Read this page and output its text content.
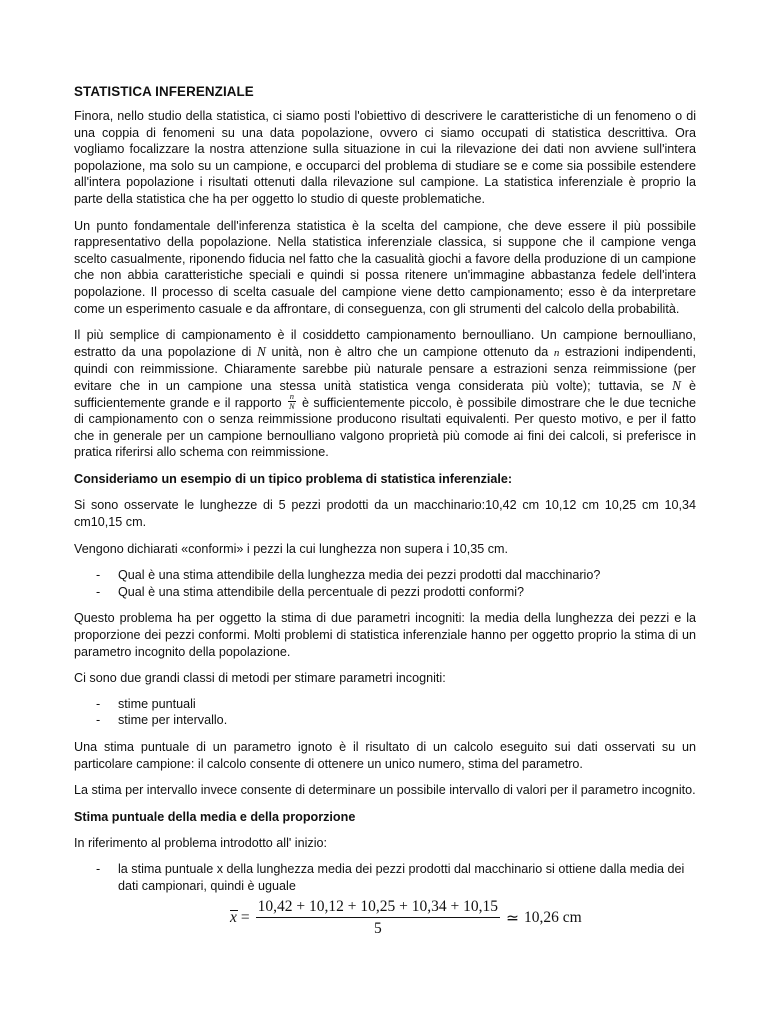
STATISTICA INFERENZIALE

Finora, nello studio della statistica, ci siamo posti l'obiettivo di descrivere le caratteristiche di un fenomeno o di una coppia di fenomeni su una data popolazione, ovvero ci siamo occupati di statistica descrittiva. Ora vogliamo focalizzare la nostra attenzione sulla situazione in cui la rilevazione dei dati non avviene sull'intera popolazione, ma solo su un campione, e occuparci del problema di studiare se e come sia possibile estendere all'intera popolazione i risultati ottenuti dalla rilevazione sul campione. La statistica inferenziale è proprio la parte della statistica che ha per oggetto lo studio di queste problematiche.

Un punto fondamentale dell'inferenza statistica è la scelta del campione, che deve essere il più possibile rappresentativo della popolazione. Nella statistica inferenziale classica, si suppone che il campione venga scelto casualmente, riponendo fiducia nel fatto che la casualità giochi a favore della produzione di un campione che non abbia caratteristiche speciali e quindi si possa ritenere un'immagine abbastanza fedele dell'intera popolazione. Il processo di scelta casuale del campione viene detto campionamento; esso è da interpretare come un esperimento casuale e da affrontare, di conseguenza, con gli strumenti del calcolo della probabilità.

Il più semplice di campionamento è il cosiddetto campionamento bernoulliano. Un campione bernoulliano, estratto da una popolazione di N unità, non è altro che un campione ottenuto da n estrazioni indipendenti, quindi con reimmissione. Chiaramente sarebbe più naturale pensare a estrazioni senza reimmissione (per evitare che in un campione una stessa unità statistica venga considerata più volte); tuttavia, se N è sufficientemente grande e il rapporto $\frac{n}{N}$ è sufficientemente piccolo, è possibile dimostrare che le due tecniche di campionamento con o senza reimmissione producono risultati equivalenti. Per questo motivo, e per il fatto che in generale per un campione bernoulliano valgono proprietà più comode ai fini dei calcoli, si preferisce in pratica riferirsi allo schema con reimmissione.

Consideriamo un esempio di un tipico problema di statistica inferenziale:

Si sono osservate le lunghezze di 5 pezzi prodotti da un macchinario:10,42 cm 10,12 cm 10,25 cm 10,34 cm10,15 cm.

Vengono dichiarati «conformi» i pezzi la cui lunghezza non supera i 10,35 cm.

- Qual è una stima attendibile della lunghezza media dei pezzi prodotti dal macchinario?
- Qual è una stima attendibile della percentuale di pezzi prodotti conformi?

Questo problema ha per oggetto la stima di due parametri incogniti: la media della lunghezza dei pezzi e la proporzione dei pezzi conformi. Molti problemi di statistica inferenziale hanno per oggetto proprio la stima di un parametro incognito della popolazione.

Ci sono due grandi classi di metodi per stimare parametri incogniti:

- stime puntuali
- stime per intervallo.

Una stima puntuale di un parametro ignoto è il risultato di un calcolo eseguito sui dati osservati su un particolare campione: il calcolo consente di ottenere un unico numero, stima del parametro.

La stima per intervallo invece consente di determinare un possibile intervallo di valori per il parametro incognito.

Stima puntuale della media e della proporzione

In riferimento al problema introdotto all' inizio:

- la stima puntuale x della lunghezza media dei pezzi prodotti dal macchinario si ottiene dalla media dei dati campionari, quindi è uguale
$x = \frac{10,42 + 10,12 + 10,25 + 10,34 + 10,15}{5}$ ≃ 10,26 cm
